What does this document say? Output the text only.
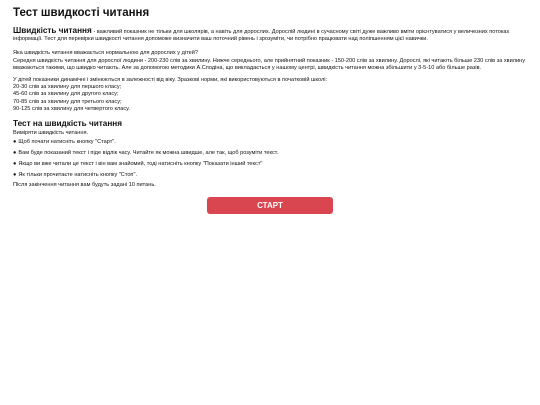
Тест швидкості читання

Швидкість читання - важливий показник не тільки для школярів, а навіть для дорослих. Дорослій людині в сучасному світі дуже важливо вміти орієнтуватися у величезних потоках інформації. Тест для перевірки швидкості читання допоможе визначити ваш поточний рівень і зрозуміти, чи потрібно працювати над поліпшенням цієї навички.

Яка швидкість читання вважається нормальною для дорослих у дітей?
Середня швидкість читання для дорослої людини - 200-230 слів за хвилину. Нижче середнього, але прийнятний показник - 150-200 слів за хвилину. Дорослі, які читають більше 230 слів за хвилину вважаються такими, що швидко читають. Але за допомогою методики А.Сподіна, що викладається у нашому центрі, швидкість читання можна збільшити у 3-5-10 або більше разів.

У дітей показники динамічні і змінюються в залежності від віку. Зразкові норми, які використовуються в початковій школі:
20-30 слів за хвилину для першого класу;
45-60 слів за хвилину для другого класу;
70-85 слів за хвилину для третього класу;
90-125 слів за хвилину для четвертого класу.

Тест на швидкість читання

Виміряти швидкість читання.

● Щоб почати натисніть кнопку "Старт".
● Вам буде показаний текст і піде відлік часу. Читайте як можна швидше, але так, щоб розуміти текст.
● Якщо ви вже читали це текст і він вам знайомий, тоді натисніть кнопку "Показати інший текст"
● Як тільки прочитаєте натисніть кнопку "Стоп".

Після закінчення читання вам будуть задані 10 питань.

СТАРТ
